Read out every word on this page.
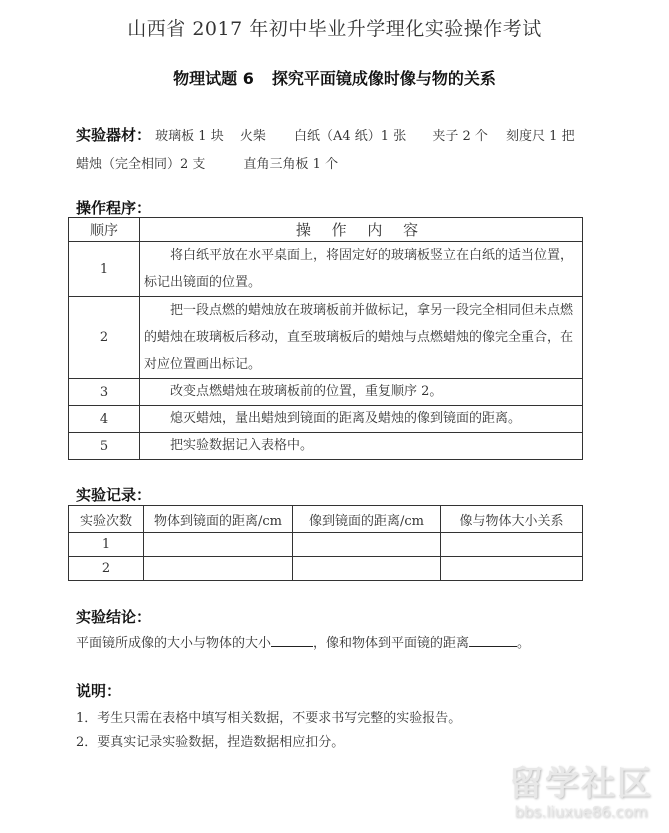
山西省 2017 年初中毕业升学理化实验操作考试
物理试题 6 探究平面镜成像时像与物的关系
实验器材： 玻璃板 1 块 火柴 白纸（A4 纸）1 张 夹子 2 个 刻度尺 1 把
蜡烛（完全相同）2 支	直角三角板 1 个
操作程序：
顺序	操 作 内 容
1	将白纸平放在水平桌面上，将固定好的玻璃板竖立在白纸的适当位置，标记出镜面的位置。
2	把一段点燃的蜡烛放在玻璃板前并做标记，拿另一段完全相同但未点燃的蜡烛在玻璃板后移动，直至玻璃板后的蜡烛与点燃蜡烛的像完全重合，在对应位置画出标记。
3	改变点燃蜡烛在玻璃板前的位置，重复顺序 2。
4	熄灭蜡烛，量出蜡烛到镜面的距离及蜡烛的像到镜面的距离。
5	把实验数据记入表格中。
实验记录：
实验次数	物体到镜面的距离/cm	像到镜面的距离/cm	像与物体大小关系
1			
2			
实验结论：
平面镜所成像的大小与物体的大小	，像和物体到平面镜的距离	。
说明：
1．考生只需在表格中填写相关数据，不要求书写完整的实验报告。
2．要真实记录实验数据，捏造数据相应扣分。
留学社区
bbs.liuxue86.com
